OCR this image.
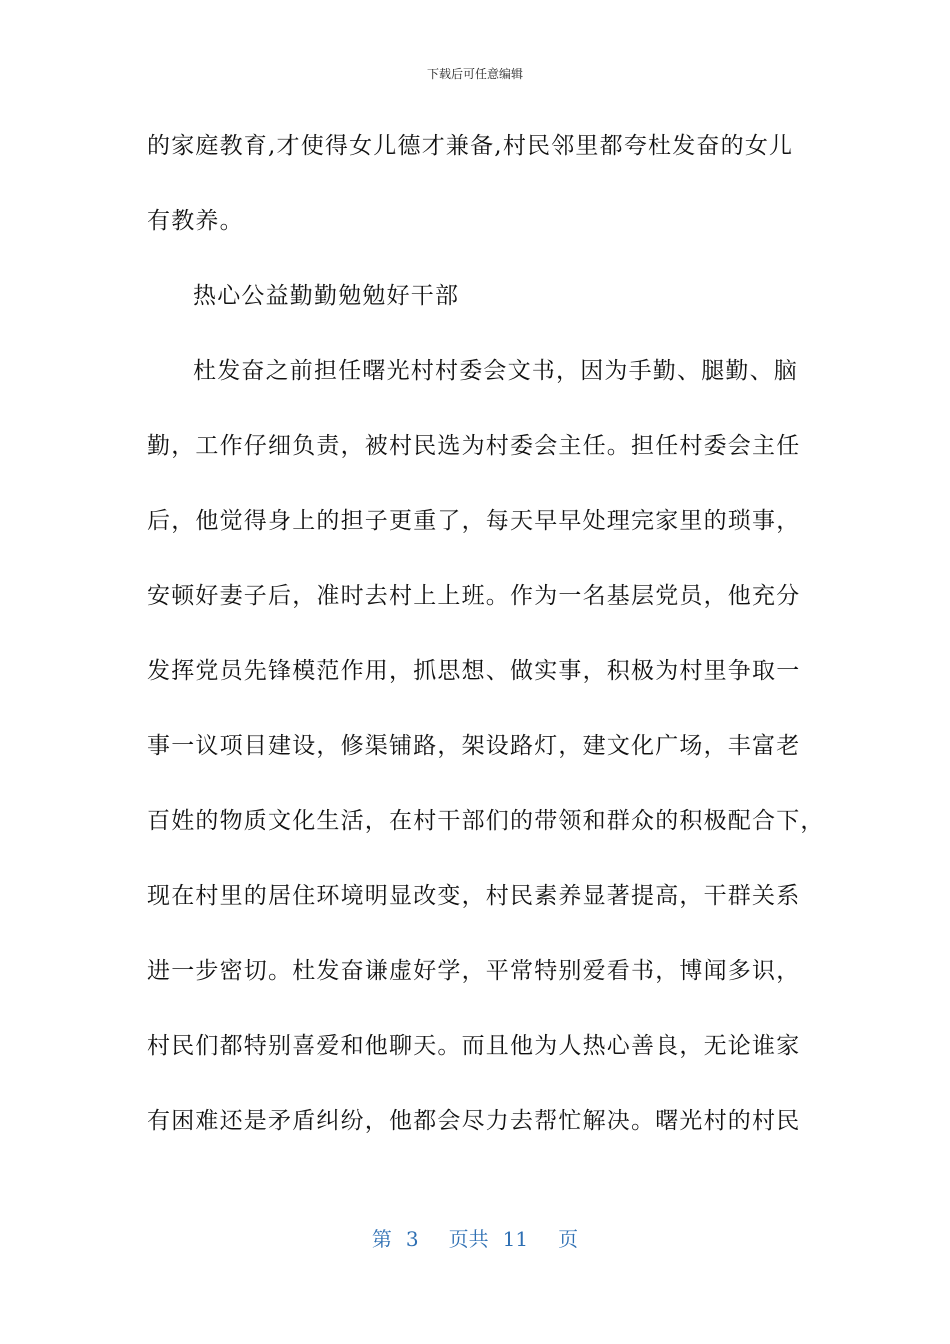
下载后可任意编辑
的家庭教育,才使得女儿德才兼备,村民邻里都夸杜发奋的女儿
有教养。
热心公益勤勤勉勉好干部
杜发奋之前担任曙光村村委会文书，因为手勤、腿勤、脑
勤，工作仔细负责，被村民选为村委会主任。担任村委会主任
后，他觉得身上的担子更重了，每天早早处理完家里的琐事，
安顿好妻子后，准时去村上上班。作为一名基层党员，他充分
发挥党员先锋模范作用，抓思想、做实事，积极为村里争取一
事一议项目建设，修渠铺路，架设路灯，建文化广场，丰富老
百姓的物质文化生活，在村干部们的带领和群众的积极配合下，
现在村里的居住环境明显改变，村民素养显著提高，干群关系
进一步密切。杜发奋谦虚好学，平常特别爱看书，博闻多识，
村民们都特别喜爱和他聊天。而且他为人热心善良，无论谁家
有困难还是矛盾纠纷，他都会尽力去帮忙解决。曙光村的村民
第 3 页共 11 页
